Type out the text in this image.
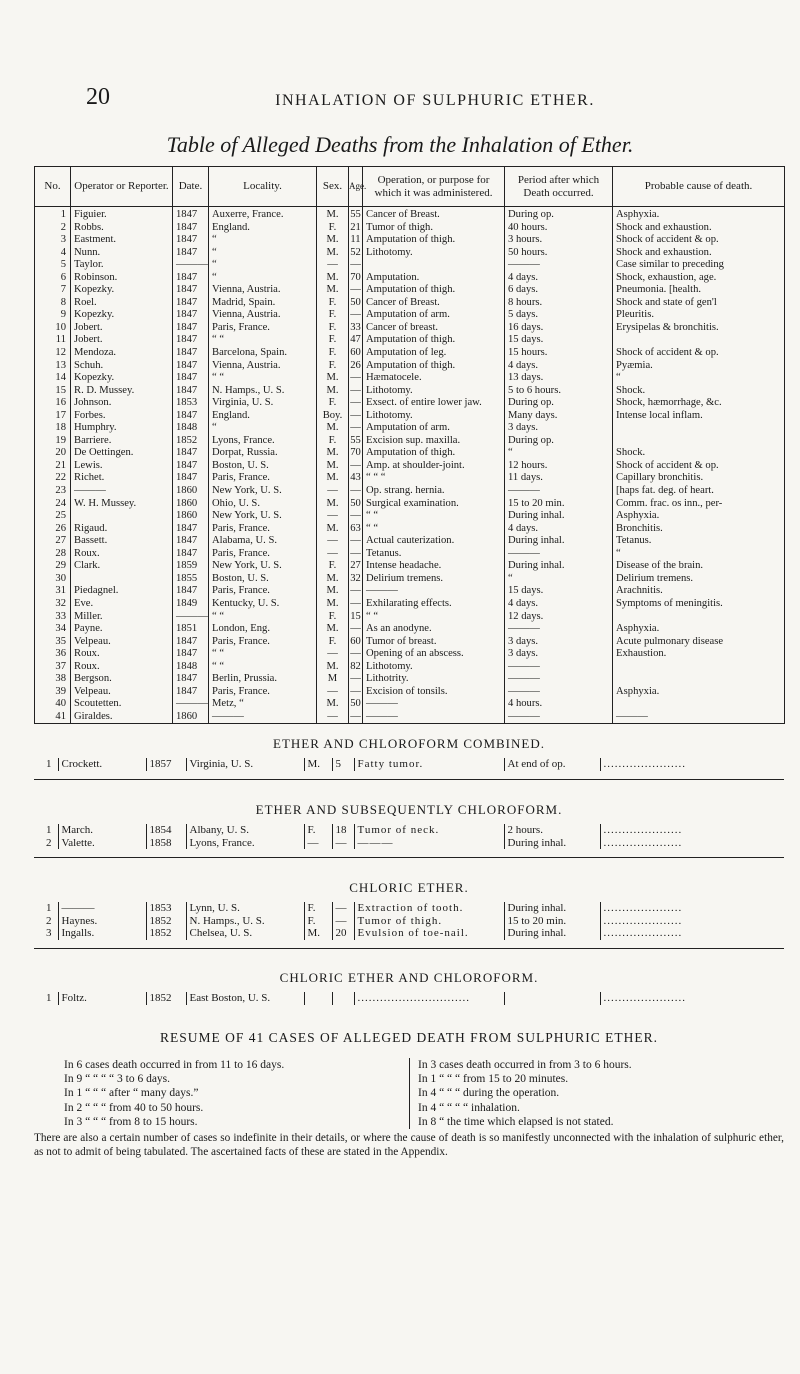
20	INHALATION OF SULPHURIC ETHER.
Table of Alleged Deaths from the Inhalation of Ether.
No.	Operator or Reporter.	Date.	Locality.	Sex.	Age.	Operation, or purpose for which it was administered.	Period after which Death occurred.	Probable cause of death.
1	Figuier.	1847	Auxerre, France.	M.	55	Cancer of Breast.	During op.	Asphyxia.
2	Robbs.	1847	England.	F.	21	Tumor of thigh.	40 hours.	Shock and exhaustion.
3	Eastment.	1847	“	M.	11	Amputation of thigh.	3 hours.	Shock of accident & op.
4	Nunn.	1847	“	M.	52	Lithotomy.	50 hours.	Shock and exhaustion.
5	Taylor.	———	“	—	—		———	Case similar to preceding
6	Robinson.	1847	“	M.	70	Amputation.	4 days.	Shock, exhaustion, age.
7	Kopezky.	1847	Vienna, Austria.	M.	—	Amputation of thigh.	6 days.	Pneumonia. [health.
8	Roel.	1847	Madrid, Spain.	F.	50	Cancer of Breast.	8 hours.	Shock and state of gen'l
9	Kopezky.	1847	Vienna, Austria.	F.	—	Amputation of arm.	5 days.	Pleuritis.
10	Jobert.	1847	Paris, France.	F.	33	Cancer of breast.	16 days.	Erysipelas & bronchitis.
11	Jobert.	1847	“ “	F.	47	Amputation of thigh.	15 days.	
12	Mendoza.	1847	Barcelona, Spain.	F.	60	Amputation of leg.	15 hours.	Shock of accident & op.
13	Schuh.	1847	Vienna, Austria.	F.	26	Amputation of thigh.	4 days.	Pyæmia.
14	Kopezky.	1847	“ “	M.	—	Hæmatocele.	13 days.	“
15	R. D. Mussey.	1847	N. Hamps., U. S.	M.	—	Lithotomy.	5 to 6 hours.	Shock.
16	Johnson.	1853	Virginia, U. S.	F.	—	Exsect. of entire lower jaw.	During op.	Shock, hæmorrhage, &c.
17	Forbes.	1847	England.	Boy.	—	Lithotomy.	Many days.	Intense local inflam.
18	Humphry.	1848	“	M.	—	Amputation of arm.	3 days.	
19	Barriere.	1852	Lyons, France.	F.	55	Excision sup. maxilla.	During op.	
20	De Oettingen.	1847	Dorpat, Russia.	M.	70	Amputation of thigh.	“	Shock.
21	Lewis.	1847	Boston, U. S.	M.	—	Amp. at shoulder-joint.	12 hours.	Shock of accident & op.
22	Richet.	1847	Paris, France.	M.	43	“ “ “	11 days.	Capillary bronchitis.
23	———	1860	New York, U. S.	—	—	Op. strang. hernia.	———	[haps fat. deg. of heart.
24	W. H. Mussey.	1860	Ohio, U. S.	M.	50	Surgical examination.	15 to 20 min.	Comm. frac. os inn., per-
25		1860	New York, U. S.	—	—	“ “	During inhal.	Asphyxia.
26	Rigaud.	1847	Paris, France.	M.	63	“ “	4 days.	Bronchitis.
27	Bassett.	1847	Alabama, U. S.	—	—	Actual cauterization.	During inhal.	Tetanus.
28	Roux.	1847	Paris, France.	—	—	Tetanus.	———	“
29	Clark.	1859	New York, U. S.	F.	27	Intense headache.	During inhal.	Disease of the brain.
30		1855	Boston, U. S.	M.	32	Delirium tremens.	“	Delirium tremens.
31	Piedagnel.	1847	Paris, France.	M.	—	———	15 days.	Arachnitis.
32	Eve.	1849	Kentucky, U. S.	M.	—	Exhilarating effects.	4 days.	Symptoms of meningitis.
33	Miller.	———	“ “	F.	15	“ “	12 days.	
34	Payne.	1851	London, Eng.	M.	—	As an anodyne.	———	Asphyxia.
35	Velpeau.	1847	Paris, France.	F.	60	Tumor of breast.	3 days.	Acute pulmonary disease
36	Roux.	1847	“ “	—	—	Opening of an abscess.	3 days.	Exhaustion.
37	Roux.	1848	“ “	M.	82	Lithotomy.	———	
38	Bergson.	1847	Berlin, Prussia.	M	—	Lithotrity.	———	
39	Velpeau.	1847	Paris, France.	—	—	Excision of tonsils.	———	Asphyxia.
40	Scoutetten.	———	Metz, “	M.	50	———	4 hours.	
41	Giraldes.	1860	———	—	—	———	———	———
ETHER AND CHLOROFORM COMBINED.
1	Crockett.	1857	Virginia, U. S.	M.	5	Fatty tumor.	At end of op.	......................
ETHER AND SUBSEQUENTLY CHLOROFORM.
1	March.	1854	Albany, U. S.	F.	18	Tumor of neck.	2 hours.	.....................
2	Valette.	1858	Lyons, France.	—	—	———	During inhal.	.....................
CHLORIC ETHER.
1	———	1853	Lynn, U. S.	F.	—	Extraction of tooth.	During inhal.	.....................
2	Haynes.	1852	N. Hamps., U. S.	F.	—	Tumor of thigh.	15 to 20 min.	.....................
3	Ingalls.	1852	Chelsea, U. S.	M.	20	Evulsion of toe-nail.	During inhal.	.....................
CHLORIC ETHER AND CHLOROFORM.
1	Foltz.	1852	East Boston, U. S.			..............................		......................
RESUME OF 41 CASES OF ALLEGED DEATH FROM SULPHURIC ETHER.
In 6 cases death occurred in from 11 to 16 days.
In 9 “ “ “ “ 3 to 6 days.
In 1 “ “ “ after “ many days.”
In 2 “ “ “ from 40 to 50 hours.
In 3 “ “ “ from 8 to 15 hours.
In 3 cases death occurred in from 3 to 6 hours.
In 1 “ “ “ from 15 to 20 minutes.
In 4 “ “ “ during the operation.
In 4 “ “ “ “ inhalation.
In 8 “ the time which elapsed is not stated.
There are also a certain number of cases so indefinite in their details, or where the cause of death is so manifestly unconnected with the inhalation of sulphuric ether, as not to admit of being tabulated. The ascertained facts of these are stated in the Appendix.
